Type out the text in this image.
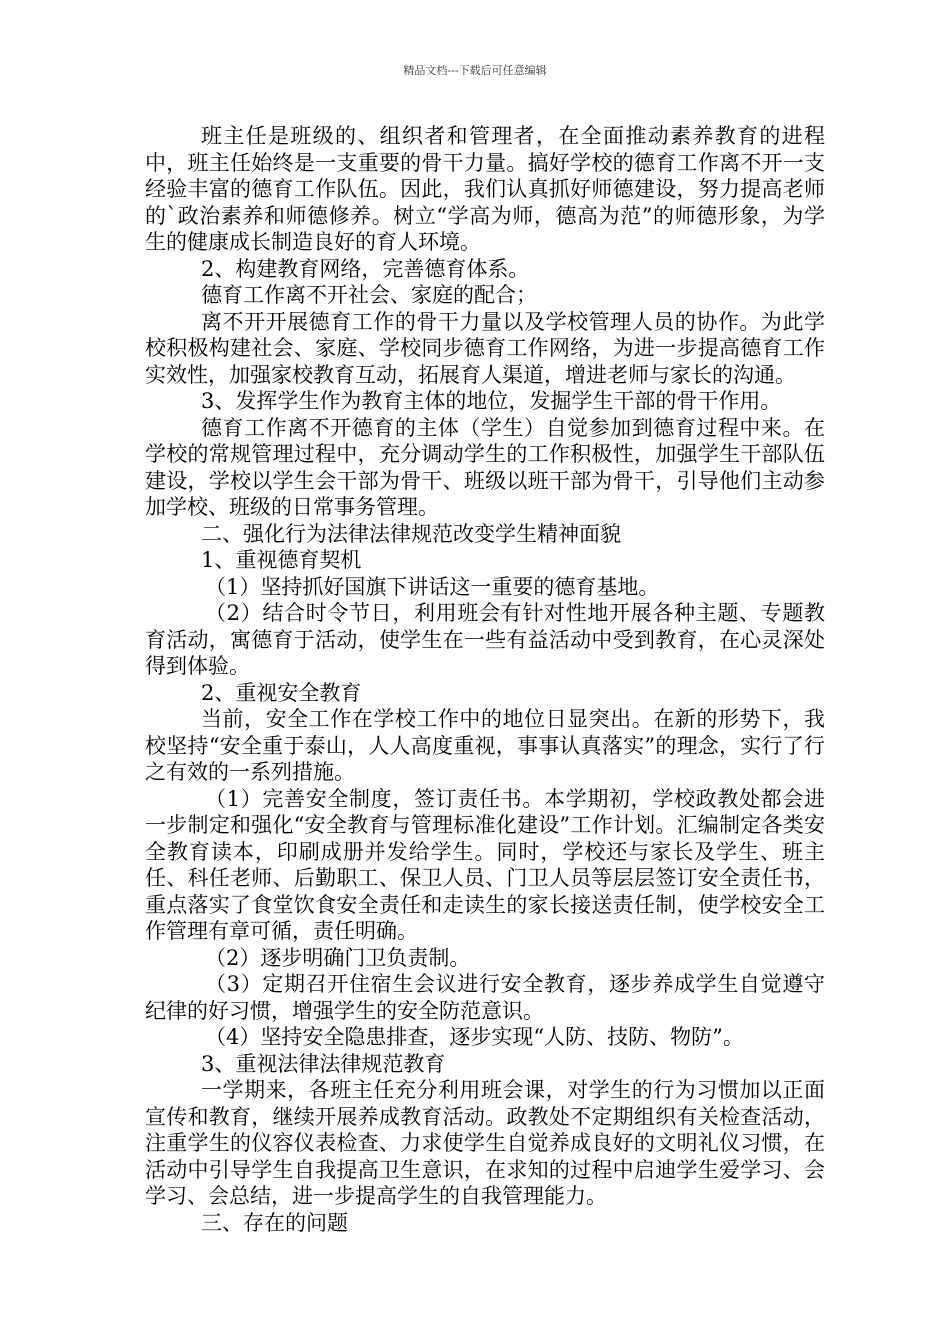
精品文档---下载后可任意编辑

班主任是班级的、组织者和管理者，在全面推动素养教育的进程中，班主任始终是一支重要的骨干力量。搞好学校的德育工作离不开一支经验丰富的德育工作队伍。因此，我们认真抓好师德建设，努力提高老师的`政治素养和师德修养。树立“学高为师，德高为范”的师德形象，为学生的健康成长制造良好的育人环境。

2、构建教育网络，完善德育体系。

德育工作离不开社会、家庭的配合；

离不开开展德育工作的骨干力量以及学校管理人员的协作。为此学校积极构建社会、家庭、学校同步德育工作网络，为进一步提高德育工作实效性，加强家校教育互动，拓展育人渠道，增进老师与家长的沟通。

3、发挥学生作为教育主体的地位，发掘学生干部的骨干作用。

德育工作离不开德育的主体（学生）自觉参加到德育过程中来。在学校的常规管理过程中，充分调动学生的工作积极性，加强学生干部队伍建设，学校以学生会干部为骨干、班级以班干部为骨干，引导他们主动参加学校、班级的日常事务管理。

二、强化行为法律法律规范改变学生精神面貌

1、重视德育契机

（1）坚持抓好国旗下讲话这一重要的德育基地。

（2）结合时令节日，利用班会有针对性地开展各种主题、专题教育活动，寓德育于活动，使学生在一些有益活动中受到教育，在心灵深处得到体验。

2、重视安全教育

当前，安全工作在学校工作中的地位日显突出。在新的形势下，我校坚持“安全重于泰山，人人高度重视，事事认真落实”的理念，实行了行之有效的一系列措施。

（1）完善安全制度，签订责任书。本学期初，学校政教处都会进一步制定和强化“安全教育与管理标准化建设”工作计划。汇编制定各类安全教育读本，印刷成册并发给学生。同时，学校还与家长及学生、班主任、科任老师、后勤职工、保卫人员、门卫人员等层层签订安全责任书，重点落实了食堂饮食安全责任和走读生的家长接送责任制，使学校安全工作管理有章可循，责任明确。

（2）逐步明确门卫负责制。

（3）定期召开住宿生会议进行安全教育，逐步养成学生自觉遵守纪律的好习惯，增强学生的安全防范意识。

（4）坚持安全隐患排查，逐步实现“人防、技防、物防”。

3、重视法律法律规范教育

一学期来，各班主任充分利用班会课，对学生的行为习惯加以正面宣传和教育，继续开展养成教育活动。政教处不定期组织有关检查活动，注重学生的仪容仪表检查、力求使学生自觉养成良好的文明礼仪习惯，在活动中引导学生自我提高卫生意识，在求知的过程中启迪学生爱学习、会学习、会总结，进一步提高学生的自我管理能力。

三、存在的问题
